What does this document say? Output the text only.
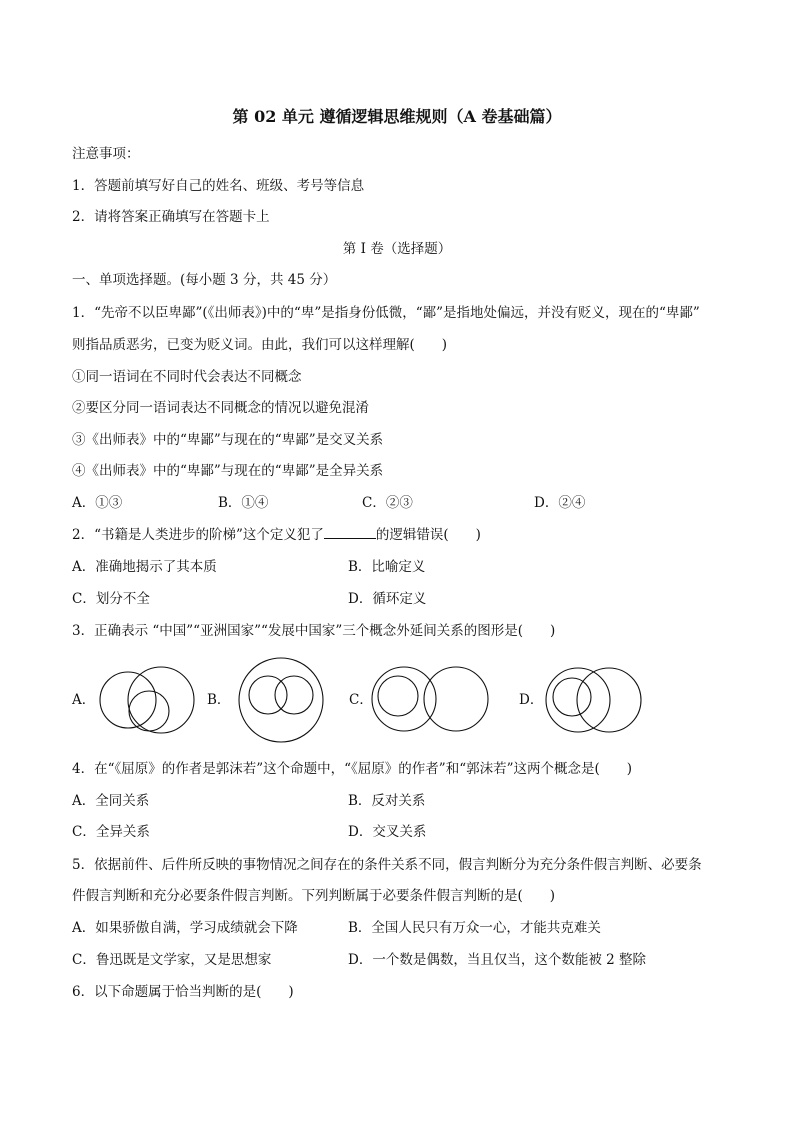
第 02 单元 遵循逻辑思维规则（A 卷基础篇）
注意事项：
1．答题前填写好自己的姓名、班级、考号等信息
2．请将答案正确填写在答题卡上
第 I 卷（选择题）
一、单项选择题。(每小题 3 分，共 45 分）
1．“先帝不以臣卑鄙”(《出师表》)中的“卑”是指身份低微，“鄙”是指地处偏远，并没有贬义，现在的“卑鄙”
则指品质恶劣，已变为贬义词。由此，我们可以这样理解(　　)
①同一语词在不同时代会表达不同概念
②要区分同一语词表达不同概念的情况以避免混淆
③《出师表》中的“卑鄙”与现在的“卑鄙”是交叉关系
④《出师表》中的“卑鄙”与现在的“卑鄙”是全异关系
A．①③	B．①④	C．②③	D．②④
2．“书籍是人类进步的阶梯”这个定义犯了	的逻辑错误(　　)
A．准确地揭示了其本质	B．比喻定义
C．划分不全	D．循环定义
3．正确表示 “中国”“亚洲国家”“发展中国家”三个概念外延间关系的图形是(　　)
A．	B．	C．	D．
4．在“《屈原》的作者是郭沫若”这个命题中，“《屈原》的作者”和“郭沫若”这两个概念是(　　)
A．全同关系	B．反对关系
C．全异关系	D．交叉关系
5．依据前件、后件所反映的事物情况之间存在的条件关系不同，假言判断分为充分条件假言判断、必要条
件假言判断和充分必要条件假言判断。下列判断属于必要条件假言判断的是(　　)
A．如果骄傲自满，学习成绩就会下降	B．全国人民只有万众一心，才能共克难关
C．鲁迅既是文学家，又是思想家	D．一个数是偶数，当且仅当，这个数能被 2 整除
6．以下命题属于恰当判断的是(　　)
